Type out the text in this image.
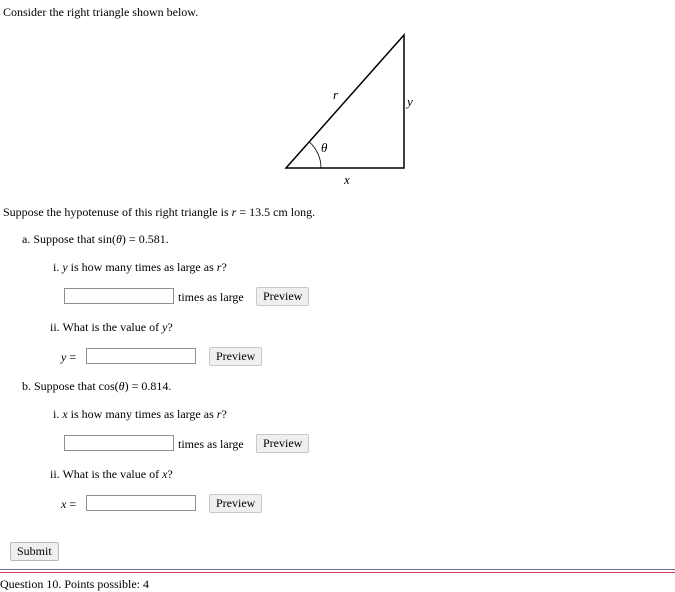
Consider the right triangle shown below.
r	y
x
θ
Suppose the hypotenuse of this right triangle is r = 13.5 cm long.
a. Suppose that sin(θ) = 0.581.
i. y is how many times as large as r?
times as large	Preview
ii. What is the value of y?
y =	Preview
b. Suppose that cos(θ) = 0.814.
i. x is how many times as large as r?
times as large	Preview
ii. What is the value of x?
x =	Preview
Submit
Question 10. Points possible: 4
